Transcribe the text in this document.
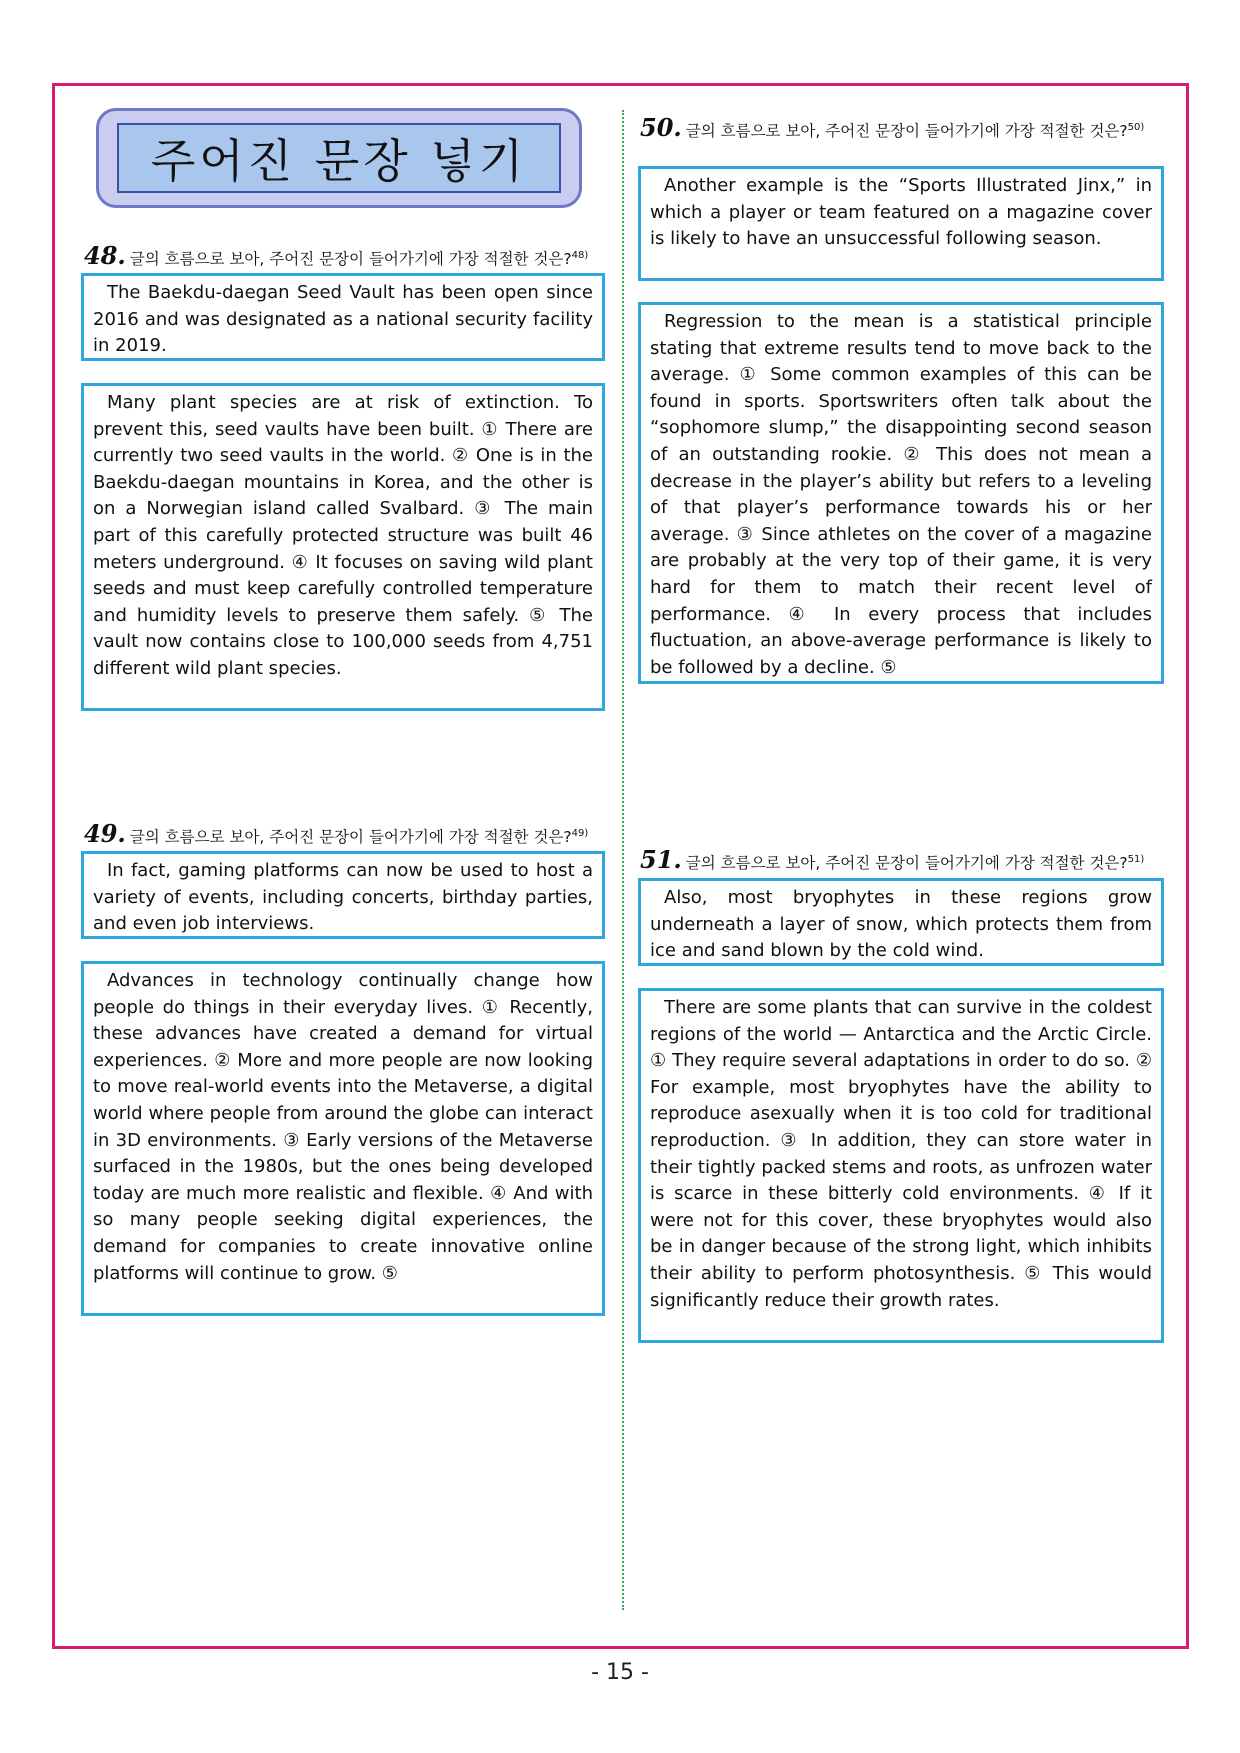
주어진 문장 넣기
48. 글의 흐름으로 보아, 주어진 문장이 들어가기에 가장 적절한 것은?$^{48)}$
The Baekdu-daegan Seed Vault has been open since 2016 and was designated as a national security facility in 2019.
Many plant species are at risk of extinction. To prevent this, seed vaults have been built. ① There are currently two seed vaults in the world. ② One is in the Baekdu-daegan mountains in Korea, and the other is on a Norwegian island called Svalbard. ③ The main part of this carefully protected structure was built 46 meters underground. ④ It focuses on saving wild plant seeds and must keep carefully controlled temperature and humidity levels to preserve them safely. ⑤ The vault now contains close to 100,000 seeds from 4,751 different wild plant species.
49. 글의 흐름으로 보아, 주어진 문장이 들어가기에 가장 적절한 것은?$^{49)}$
In fact, gaming platforms can now be used to host a variety of events, including concerts, birthday parties, and even job interviews.
Advances in technology continually change how people do things in their everyday lives. ① Recently, these advances have created a demand for virtual experiences. ② More and more people are now looking to move real-world events into the Metaverse, a digital world where people from around the globe can interact in 3D environments. ③ Early versions of the Metaverse surfaced in the 1980s, but the ones being developed today are much more realistic and flexible. ④ And with so many people seeking digital experiences, the demand for companies to create innovative online platforms will continue to grow. ⑤
50. 글의 흐름으로 보아, 주어진 문장이 들어가기에 가장 적절한 것은?$^{50)}$
Another example is the “Sports Illustrated Jinx,” in which a player or team featured on a magazine cover is likely to have an unsuccessful following season.
Regression to the mean is a statistical principle stating that extreme results tend to move back to the average. ① Some common examples of this can be found in sports. Sportswriters often talk about the “sophomore slump,” the disappointing second season of an outstanding rookie. ② This does not mean a decrease in the player’s ability but refers to a leveling of that player’s performance towards his or her average. ③ Since athletes on the cover of a magazine are probably at the very top of their game, it is very hard for them to match their recent level of performance. ④ In every process that includes fluctuation, an above-average performance is likely to be followed by a decline. ⑤
51. 글의 흐름으로 보아, 주어진 문장이 들어가기에 가장 적절한 것은?$^{51)}$
Also, most bryophytes in these regions grow underneath a layer of snow, which protects them from ice and sand blown by the cold wind.
There are some plants that can survive in the coldest regions of the world — Antarctica and the Arctic Circle. ① They require several adaptations in order to do so. ② For example, most bryophytes have the ability to reproduce asexually when it is too cold for traditional reproduction. ③ In addition, they can store water in their tightly packed stems and roots, as unfrozen water is scarce in these bitterly cold environments. ④ If it were not for this cover, these bryophytes would also be in danger because of the strong light, which inhibits their ability to perform photosynthesis. ⑤ This would significantly reduce their growth rates.
- 15 -
